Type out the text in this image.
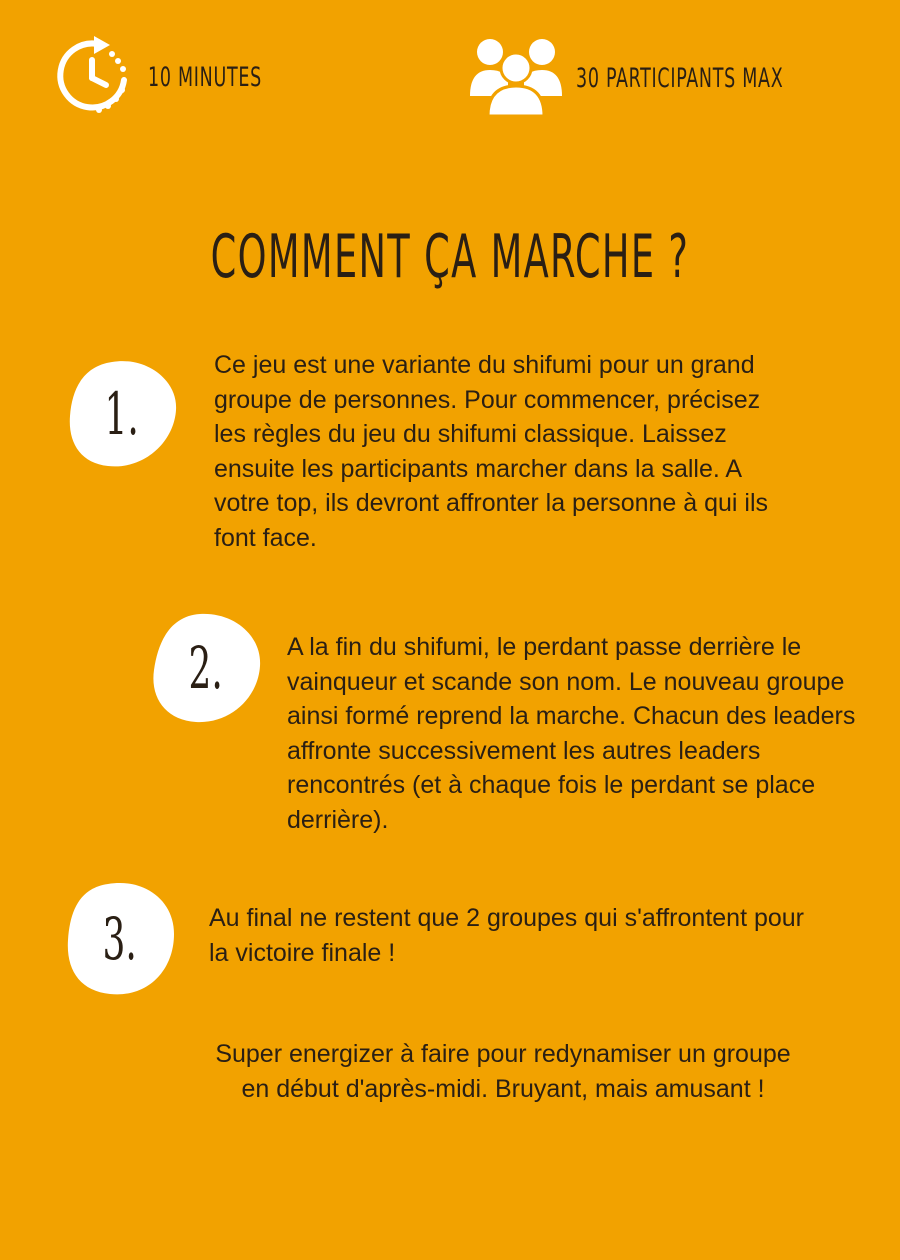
10 MINUTES	30 PARTICIPANTS MAX
COMMENT ÇA MARCHE ?
1.
Ce jeu est une variante du shifumi pour un grand groupe de personnes. Pour commencer, précisez les règles du jeu du shifumi classique. Laissez ensuite les participants marcher dans la salle. A votre top, ils devront affronter la personne à qui ils font face.
2.	A la fin du shifumi, le perdant passe derrière le vainqueur et scande son nom. Le nouveau groupe ainsi formé reprend la marche. Chacun des leaders affronte successivement les autres leaders rencontrés (et à chaque fois le perdant se place derrière).
3.	Au final ne restent que 2 groupes qui s'affrontent pour la victoire finale !
Super energizer à faire pour redynamiser un groupe en début d'après-midi. Bruyant, mais amusant !
